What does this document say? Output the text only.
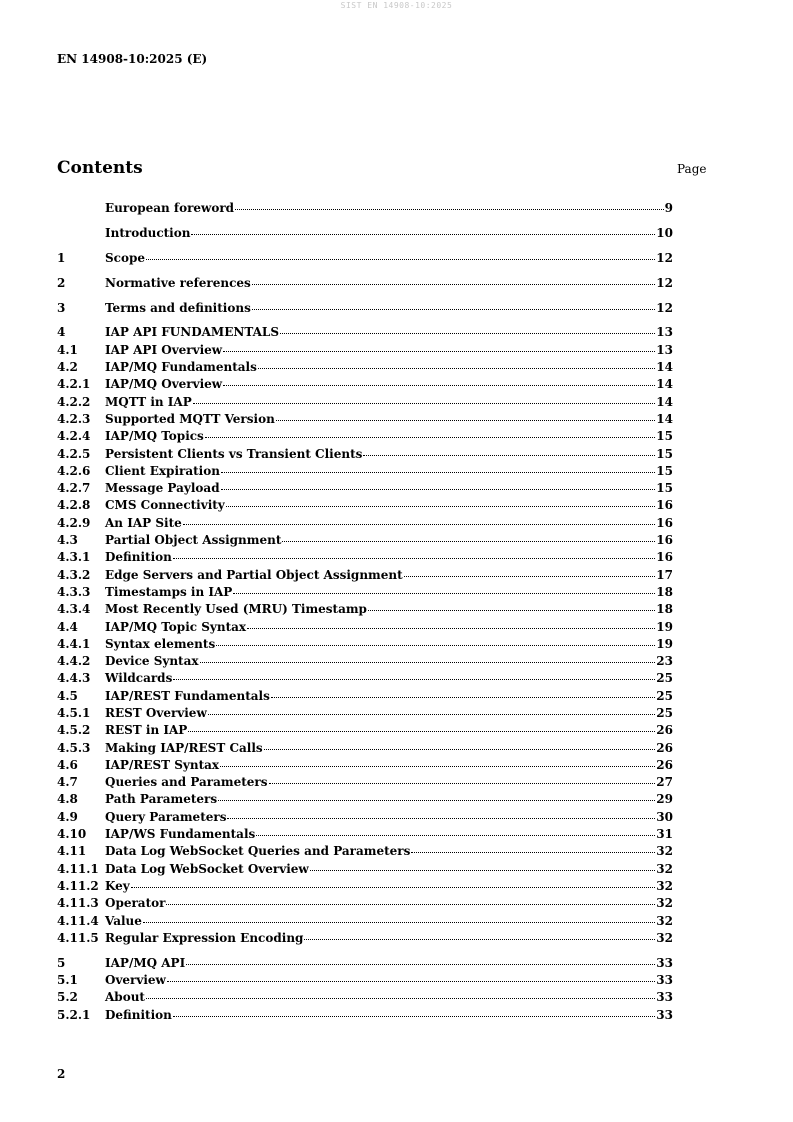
SIST EN 14908-10:2025
EN 14908-10:2025 (E)
Contents	Page
European foreword	9
Introduction	10
1	Scope	12
2	Normative references	12
3	Terms and definitions	12
4	IAP API FUNDAMENTALS	13
4.1	IAP API Overview	13
4.2	IAP/MQ Fundamentals	14
4.2.1	IAP/MQ Overview	14
4.2.2	MQTT in IAP	14
4.2.3	Supported MQTT Version	14
4.2.4	IAP/MQ Topics	15
4.2.5	Persistent Clients vs Transient Clients	15
4.2.6	Client Expiration	15
4.2.7	Message Payload	15
4.2.8	CMS Connectivity	16
4.2.9	An IAP Site	16
4.3	Partial Object Assignment	16
4.3.1	Definition	16
4.3.2	Edge Servers and Partial Object Assignment	17
4.3.3	Timestamps in IAP	18
4.3.4	Most Recently Used (MRU) Timestamp	18
4.4	IAP/MQ Topic Syntax	19
4.4.1	Syntax elements	19
4.4.2	Device Syntax	23
4.4.3	Wildcards	25
4.5	IAP/REST Fundamentals	25
4.5.1	REST Overview	25
4.5.2	REST in IAP	26
4.5.3	Making IAP/REST Calls	26
4.6	IAP/REST Syntax	26
4.7	Queries and Parameters	27
4.8	Path Parameters	29
4.9	Query Parameters	30
4.10	IAP/WS Fundamentals	31
4.11	Data Log WebSocket Queries and Parameters	32
4.11.1 Data Log WebSocket Overview	32
4.11.2 Key	32
4.11.3 Operator	32
4.11.4 Value	32
4.11.5 Regular Expression Encoding	32
5	IAP/MQ API	33
5.1	Overview	33
5.2	About	33
5.2.1	Definition	33
2
